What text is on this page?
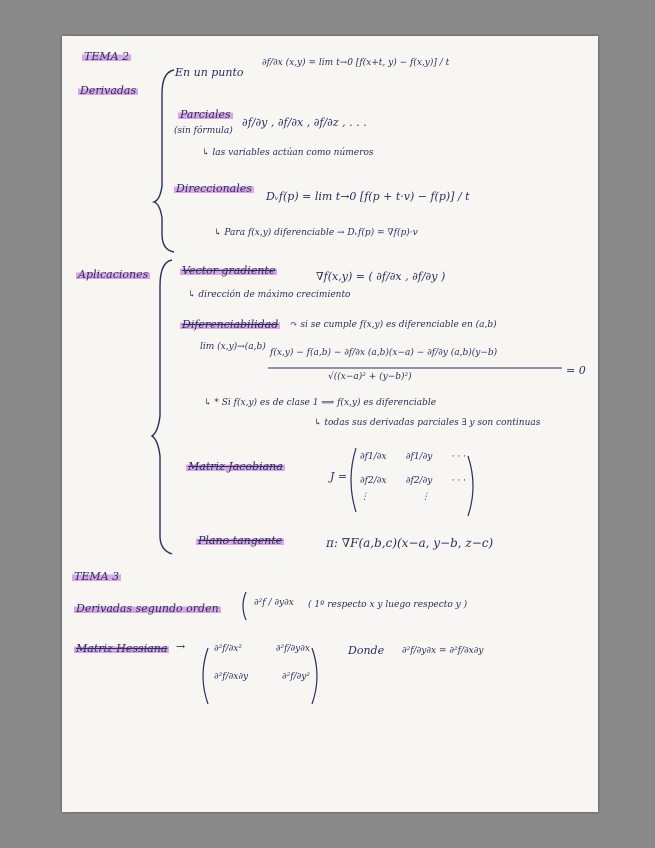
TEMA 2
Derivadas
· En un punto
∂f/∂x (x,y) = lim t→0 [f(x+t, y) − f(x,y)] / t
Parciales
(sin fórmula)
∂f/∂y , ∂f/∂x , ∂f/∂z , . . .
↳ las variables actúan como números
Direccionales
Dᵥf(p) = lim t→0 [f(p + t·v) − f(p)] / t
↳ Para f(x,y) diferenciable → Dᵥf(p) = ∇f(p)·v
Aplicaciones	Vector gradiente	∇f(x,y) = ( ∂f/∂x , ∂f/∂y )
↳ dirección de máximo crecimiento
Diferenciabilidad ↷ si se cumple f(x,y) es diferenciable en (a,b)
lim (x,y)→(a,b)
f(x,y) − f(a,b) − ∂f/∂x (a,b)(x−a) − ∂f/∂y (a,b)(y−b)
√((x−a)² + (y−b)²)	= 0
↳ * Si f(x,y) es de clase 1 ⟹ f(x,y) es diferenciable
↳ todas sus derivadas parciales ∃ y son continuas
Matriz Jacobiana
J =
∂f1/∂x ∂f1/∂y · · ·
∂f2/∂x ∂f2/∂y · · ·
⋮	⋮
Plano tangente	π: ∇F(a,b,c)(x−a, y−b, z−c)
TEMA 3
Derivadas segundo orden	∂²f / ∂y∂x ( 1º respecto x y luego respecto y )
Matriz Hessiana →	∂²f/∂x²	∂²f/∂y∂x
∂²f/∂x∂y	∂²f/∂y²
Donde ∂²f/∂y∂x = ∂²f/∂x∂y
